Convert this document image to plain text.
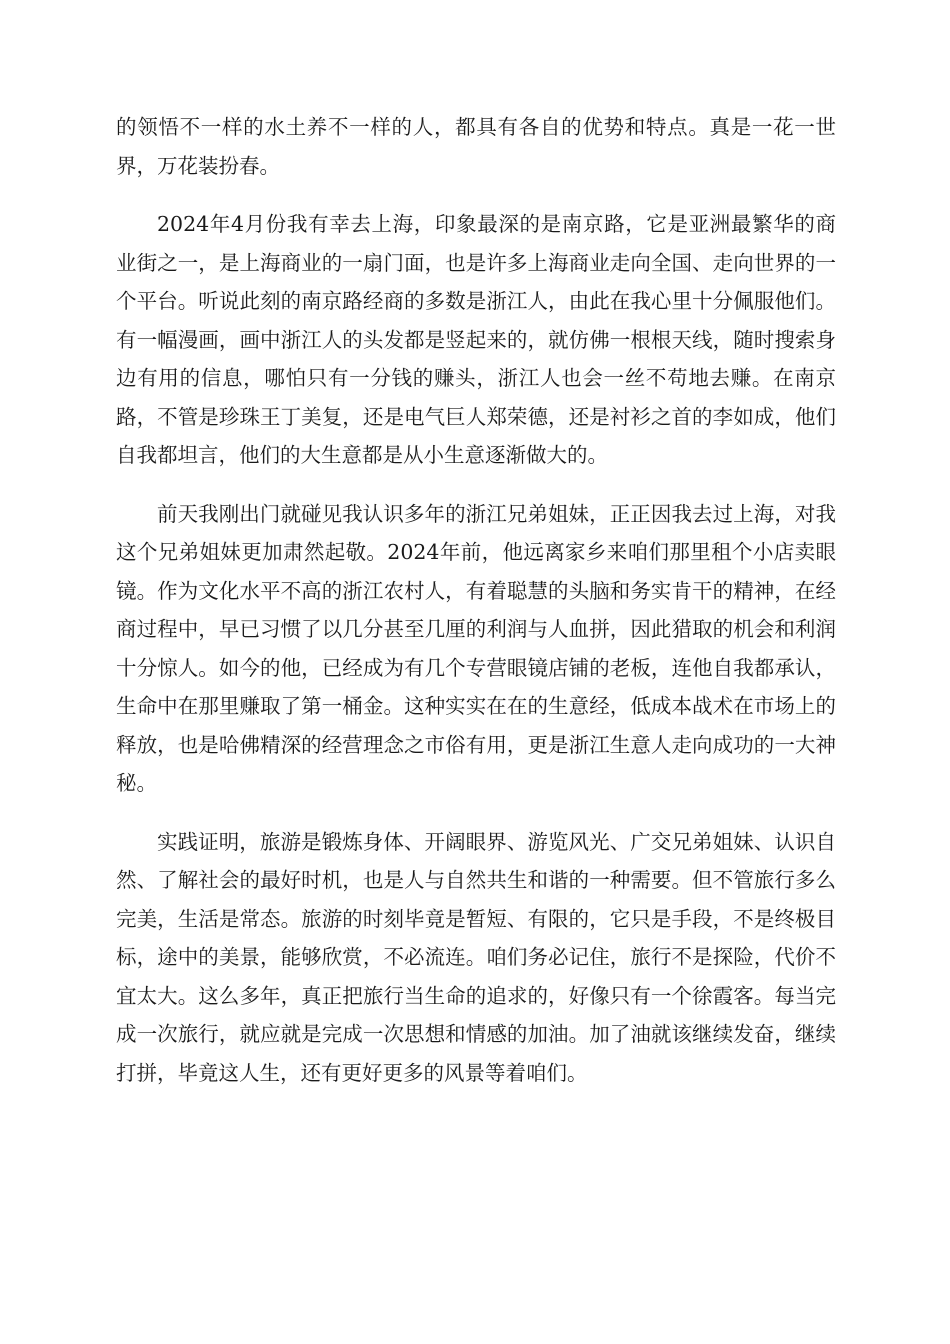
的领悟不一样的水土养不一样的人，都具有各自的优势和特点。真是一花一世界，万花装扮春。

2024年4月份我有幸去上海，印象最深的是南京路，它是亚洲最繁华的商业街之一，是上海商业的一扇门面，也是许多上海商业走向全国、走向世界的一个平台。听说此刻的南京路经商的多数是浙江人，由此在我心里十分佩服他们。有一幅漫画，画中浙江人的头发都是竖起来的，就仿佛一根根天线，随时搜索身边有用的信息，哪怕只有一分钱的赚头，浙江人也会一丝不苟地去赚。在南京路，不管是珍珠王丁美复，还是电气巨人郑荣德，还是衬衫之首的李如成，他们自我都坦言，他们的大生意都是从小生意逐渐做大的。

前天我刚出门就碰见我认识多年的浙江兄弟姐妹，正正因我去过上海，对我这个兄弟姐妹更加肃然起敬。2024年前，他远离家乡来咱们那里租个小店卖眼镜。作为文化水平不高的浙江农村人，有着聪慧的头脑和务实肯干的精神，在经商过程中，早已习惯了以几分甚至几厘的利润与人血拼，因此猎取的机会和利润十分惊人。如今的他，已经成为有几个专营眼镜店铺的老板，连他自我都承认，生命中在那里赚取了第一桶金。这种实实在在的生意经，低成本战术在市场上的释放，也是哈佛精深的经营理念之市俗有用，更是浙江生意人走向成功的一大神秘。

实践证明，旅游是锻炼身体、开阔眼界、游览风光、广交兄弟姐妹、认识自然、了解社会的最好时机，也是人与自然共生和谐的一种需要。但不管旅行多么完美，生活是常态。旅游的时刻毕竟是暂短、有限的，它只是手段，不是终极目标，途中的美景，能够欣赏，不必流连。咱们务必记住，旅行不是探险，代价不宜太大。这么多年，真正把旅行当生命的追求的，好像只有一个徐霞客。每当完成一次旅行，就应就是完成一次思想和情感的加油。加了油就该继续发奋，继续打拼，毕竟这人生，还有更好更多的风景等着咱们。
